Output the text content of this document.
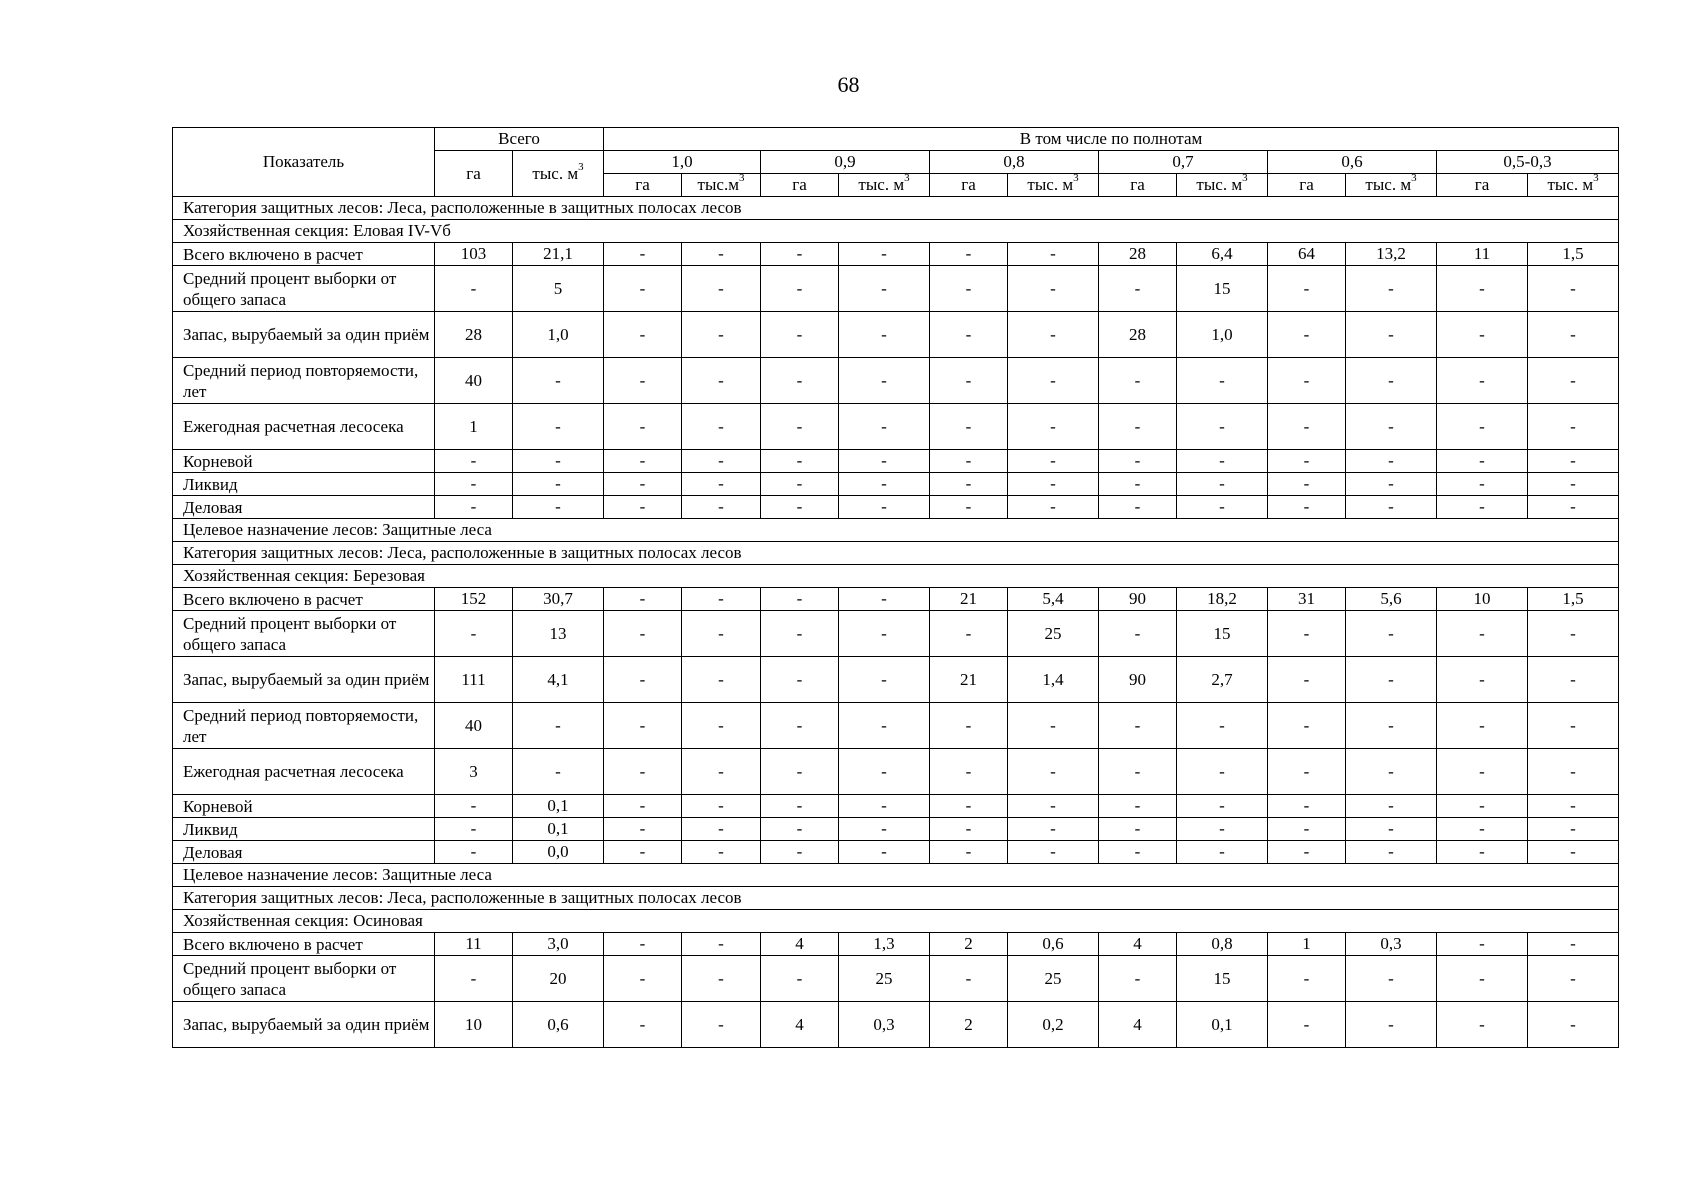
68
Показатель	Всего		В том числе по полнотам											
	га	тыс. $м^3$	1,0		0,9		0,8		0,7		0,6		0,5-0,3	
			га	$тыс.м^3$	га	тыс. $м^3$	га	тыс. $м^3$	га	тыс. $м^3$	га	тыс. $м^3$	га	тыс. $м^3$
Категория защитных лесов: Леса, расположенные в защитных полосах лесов														
Хозяйственная секция: Еловая IV-Vб														
Всего включено в расчет	103	21,1	-	-	-	-	-	-	28	6,4	64	13,2	11	1,5
Средний процент выборки от общего запаса	-	5	-	-	-	-	-	-	-	15	-	-	-	-
Запас, вырубаемый за один приём	28	1,0	-	-	-	-	-	-	28	1,0	-	-	-	-
Средний период повторяемости, лет	40	-	-	-	-	-	-	-	-	-	-	-	-	-
Ежегодная расчетная лесосека	1	-	-	-	-	-	-	-	-	-	-	-	-	-
Корневой	-	-	-	-	-	-	-	-	-	-	-	-	-	-
Ликвид	-	-	-	-	-	-	-	-	-	-	-	-	-	-
Деловая	-	-	-	-	-	-	-	-	-	-	-	-	-	-
Целевое назначение лесов: Защитные леса														
Категория защитных лесов: Леса, расположенные в защитных полосах лесов														
Хозяйственная секция: Березовая														
Всего включено в расчет	152	30,7	-	-	-	-	21	5,4	90	18,2	31	5,6	10	1,5
Средний процент выборки от общего запаса	-	13	-	-	-	-	-	25	-	15	-	-	-	-
Запас, вырубаемый за один приём	111	4,1	-	-	-	-	21	1,4	90	2,7	-	-	-	-
Средний период повторяемости, лет	40	-	-	-	-	-	-	-	-	-	-	-	-	-
Ежегодная расчетная лесосека	3	-	-	-	-	-	-	-	-	-	-	-	-	-
Корневой	-	0,1	-	-	-	-	-	-	-	-	-	-	-	-
Ликвид	-	0,1	-	-	-	-	-	-	-	-	-	-	-	-
Деловая	-	0,0	-	-	-	-	-	-	-	-	-	-	-	-
Целевое назначение лесов: Защитные леса														
Категория защитных лесов: Леса, расположенные в защитных полосах лесов														
Хозяйственная секция: Осиновая														
Всего включено в расчет	11	3,0	-	-	4	1,3	2	0,6	4	0,8	1	0,3	-	-
Средний процент выборки от общего запаса	-	20	-	-	-	25	-	25	-	15	-	-	-	-
Запас, вырубаемый за один приём	10	0,6	-	-	4	0,3	2	0,2	4	0,1	-	-	-	-
